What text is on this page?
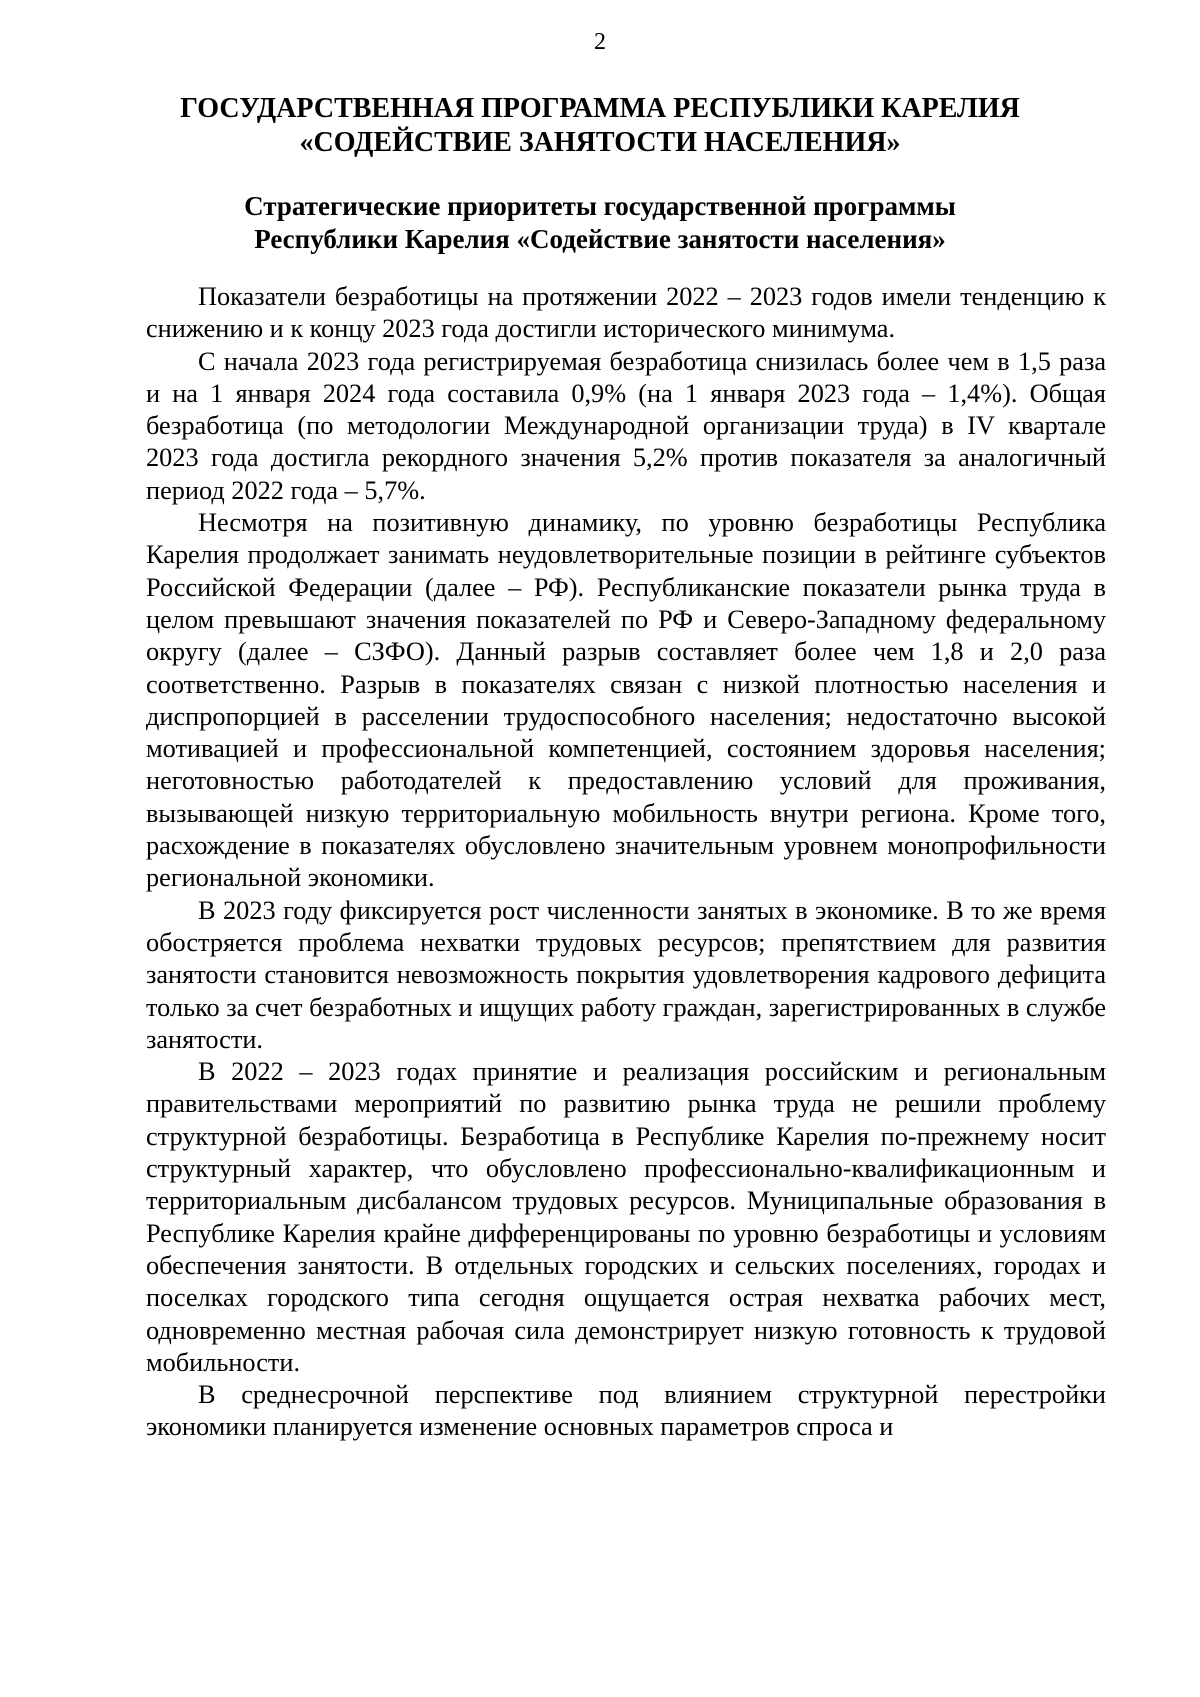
2
ГОСУДАРСТВЕННАЯ ПРОГРАММА РЕСПУБЛИКИ КАРЕЛИЯ
«СОДЕЙСТВИЕ ЗАНЯТОСТИ НАСЕЛЕНИЯ»
Стратегические приоритеты государственной программы
Республики Карелия «Содействие занятости населения»

Показатели безработицы на протяжении 2022 – 2023 годов имели тенденцию к снижению и к концу 2023 года достигли исторического минимума.

С начала 2023 года регистрируемая безработица снизилась более чем в 1,5 раза и на 1 января 2024 года составила 0,9% (на 1 января 2023 года – 1,4%). Общая безработица (по методологии Международной организации труда) в IV квартале 2023 года достигла рекордного значения 5,2% против показателя за аналогичный период 2022 года – 5,7%.

Несмотря на позитивную динамику, по уровню безработицы Республика Карелия продолжает занимать неудовлетворительные позиции в рейтинге субъектов Российской Федерации (далее – РФ). Республиканские показатели рынка труда в целом превышают значения показателей по РФ и Северо-Западному федеральному округу (далее – СЗФО). Данный разрыв составляет более чем 1,8 и 2,0 раза соответственно. Разрыв в показателях связан с низкой плотностью населения и диспропорцией в расселении трудоспособного населения; недостаточно высокой мотивацией и профессиональной компетенцией, состоянием здоровья населения; неготовностью работодателей к предоставлению условий для проживания, вызывающей низкую территориальную мобильность внутри региона. Кроме того, расхождение в показателях обусловлено значительным уровнем монопрофильности региональной экономики.

В 2023 году фиксируется рост численности занятых в экономике. В то же время обостряется проблема нехватки трудовых ресурсов; препятствием для развития занятости становится невозможность покрытия удовлетворения кадрового дефицита только за счет безработных и ищущих работу граждан, зарегистрированных в службе занятости.

В 2022 – 2023 годах принятие и реализация российским и региональным правительствами мероприятий по развитию рынка труда не решили проблему структурной безработицы. Безработица в Республике Карелия по-прежнему носит структурный характер, что обусловлено профессионально-квалификационным и территориальным дисбалансом трудовых ресурсов. Муниципальные образования в Республике Карелия крайне дифференцированы по уровню безработицы и условиям обеспечения занятости. В отдельных городских и сельских поселениях, городах и поселках городского типа сегодня ощущается острая нехватка рабочих мест, одновременно местная рабочая сила демонстрирует низкую готовность к трудовой мобильности.

В среднесрочной перспективе под влиянием структурной перестройки экономики планируется изменение основных параметров спроса и
